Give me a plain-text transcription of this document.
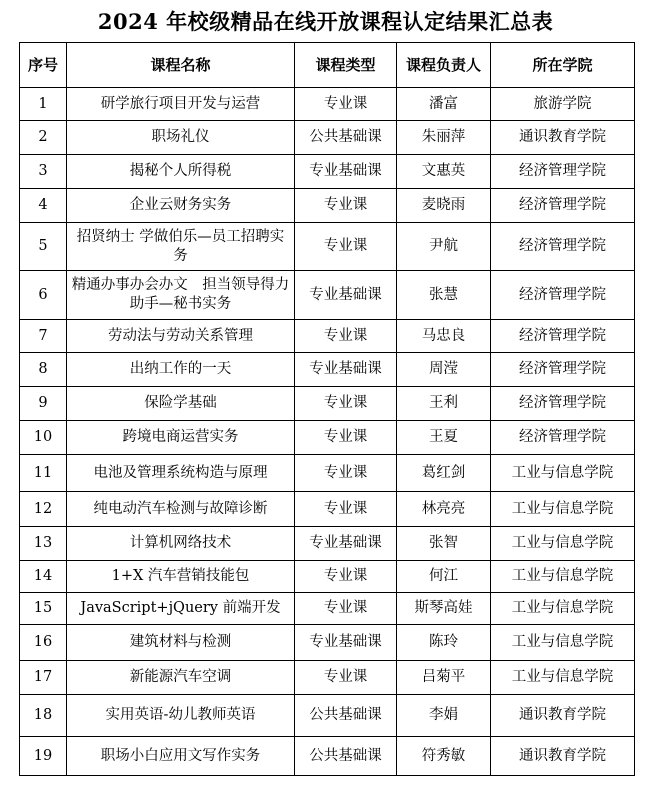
2024 年校级精品在线开放课程认定结果汇总表
序号	课程名称	课程类型	课程负责人	所在学院
1	研学旅行项目开发与运营	专业课	潘富	旅游学院
2	职场礼仪	公共基础课	朱丽萍	通识教育学院
3	揭秘个人所得税	专业基础课	文惠英	经济管理学院
4	企业云财务实务	专业课	麦晓雨	经济管理学院
5	招贤纳士 学做伯乐—员工招聘实务	专业课	尹航	经济管理学院
6	精通办事办会办文　担当领导得力助手—秘书实务	专业基础课	张慧	经济管理学院
7	劳动法与劳动关系管理	专业课	马忠良	经济管理学院
8	出纳工作的一天	专业基础课	周滢	经济管理学院
9	保险学基础	专业课	王利	经济管理学院
10	跨境电商运营实务	专业课	王夏	经济管理学院
11	电池及管理系统构造与原理	专业课	葛红剑	工业与信息学院
12	纯电动汽车检测与故障诊断	专业课	林亮亮	工业与信息学院
13	计算机网络技术	专业基础课	张智	工业与信息学院
14	1+X 汽车营销技能包	专业课	何江	工业与信息学院
15	JavaScript+jQuery 前端开发	专业课	斯琴高娃	工业与信息学院
16	建筑材料与检测	专业基础课	陈玲	工业与信息学院
17	新能源汽车空调	专业课	吕菊平	工业与信息学院
18	实用英语-幼儿教师英语	公共基础课	李娟	通识教育学院
19	职场小白应用文写作实务	公共基础课	符秀敏	通识教育学院
